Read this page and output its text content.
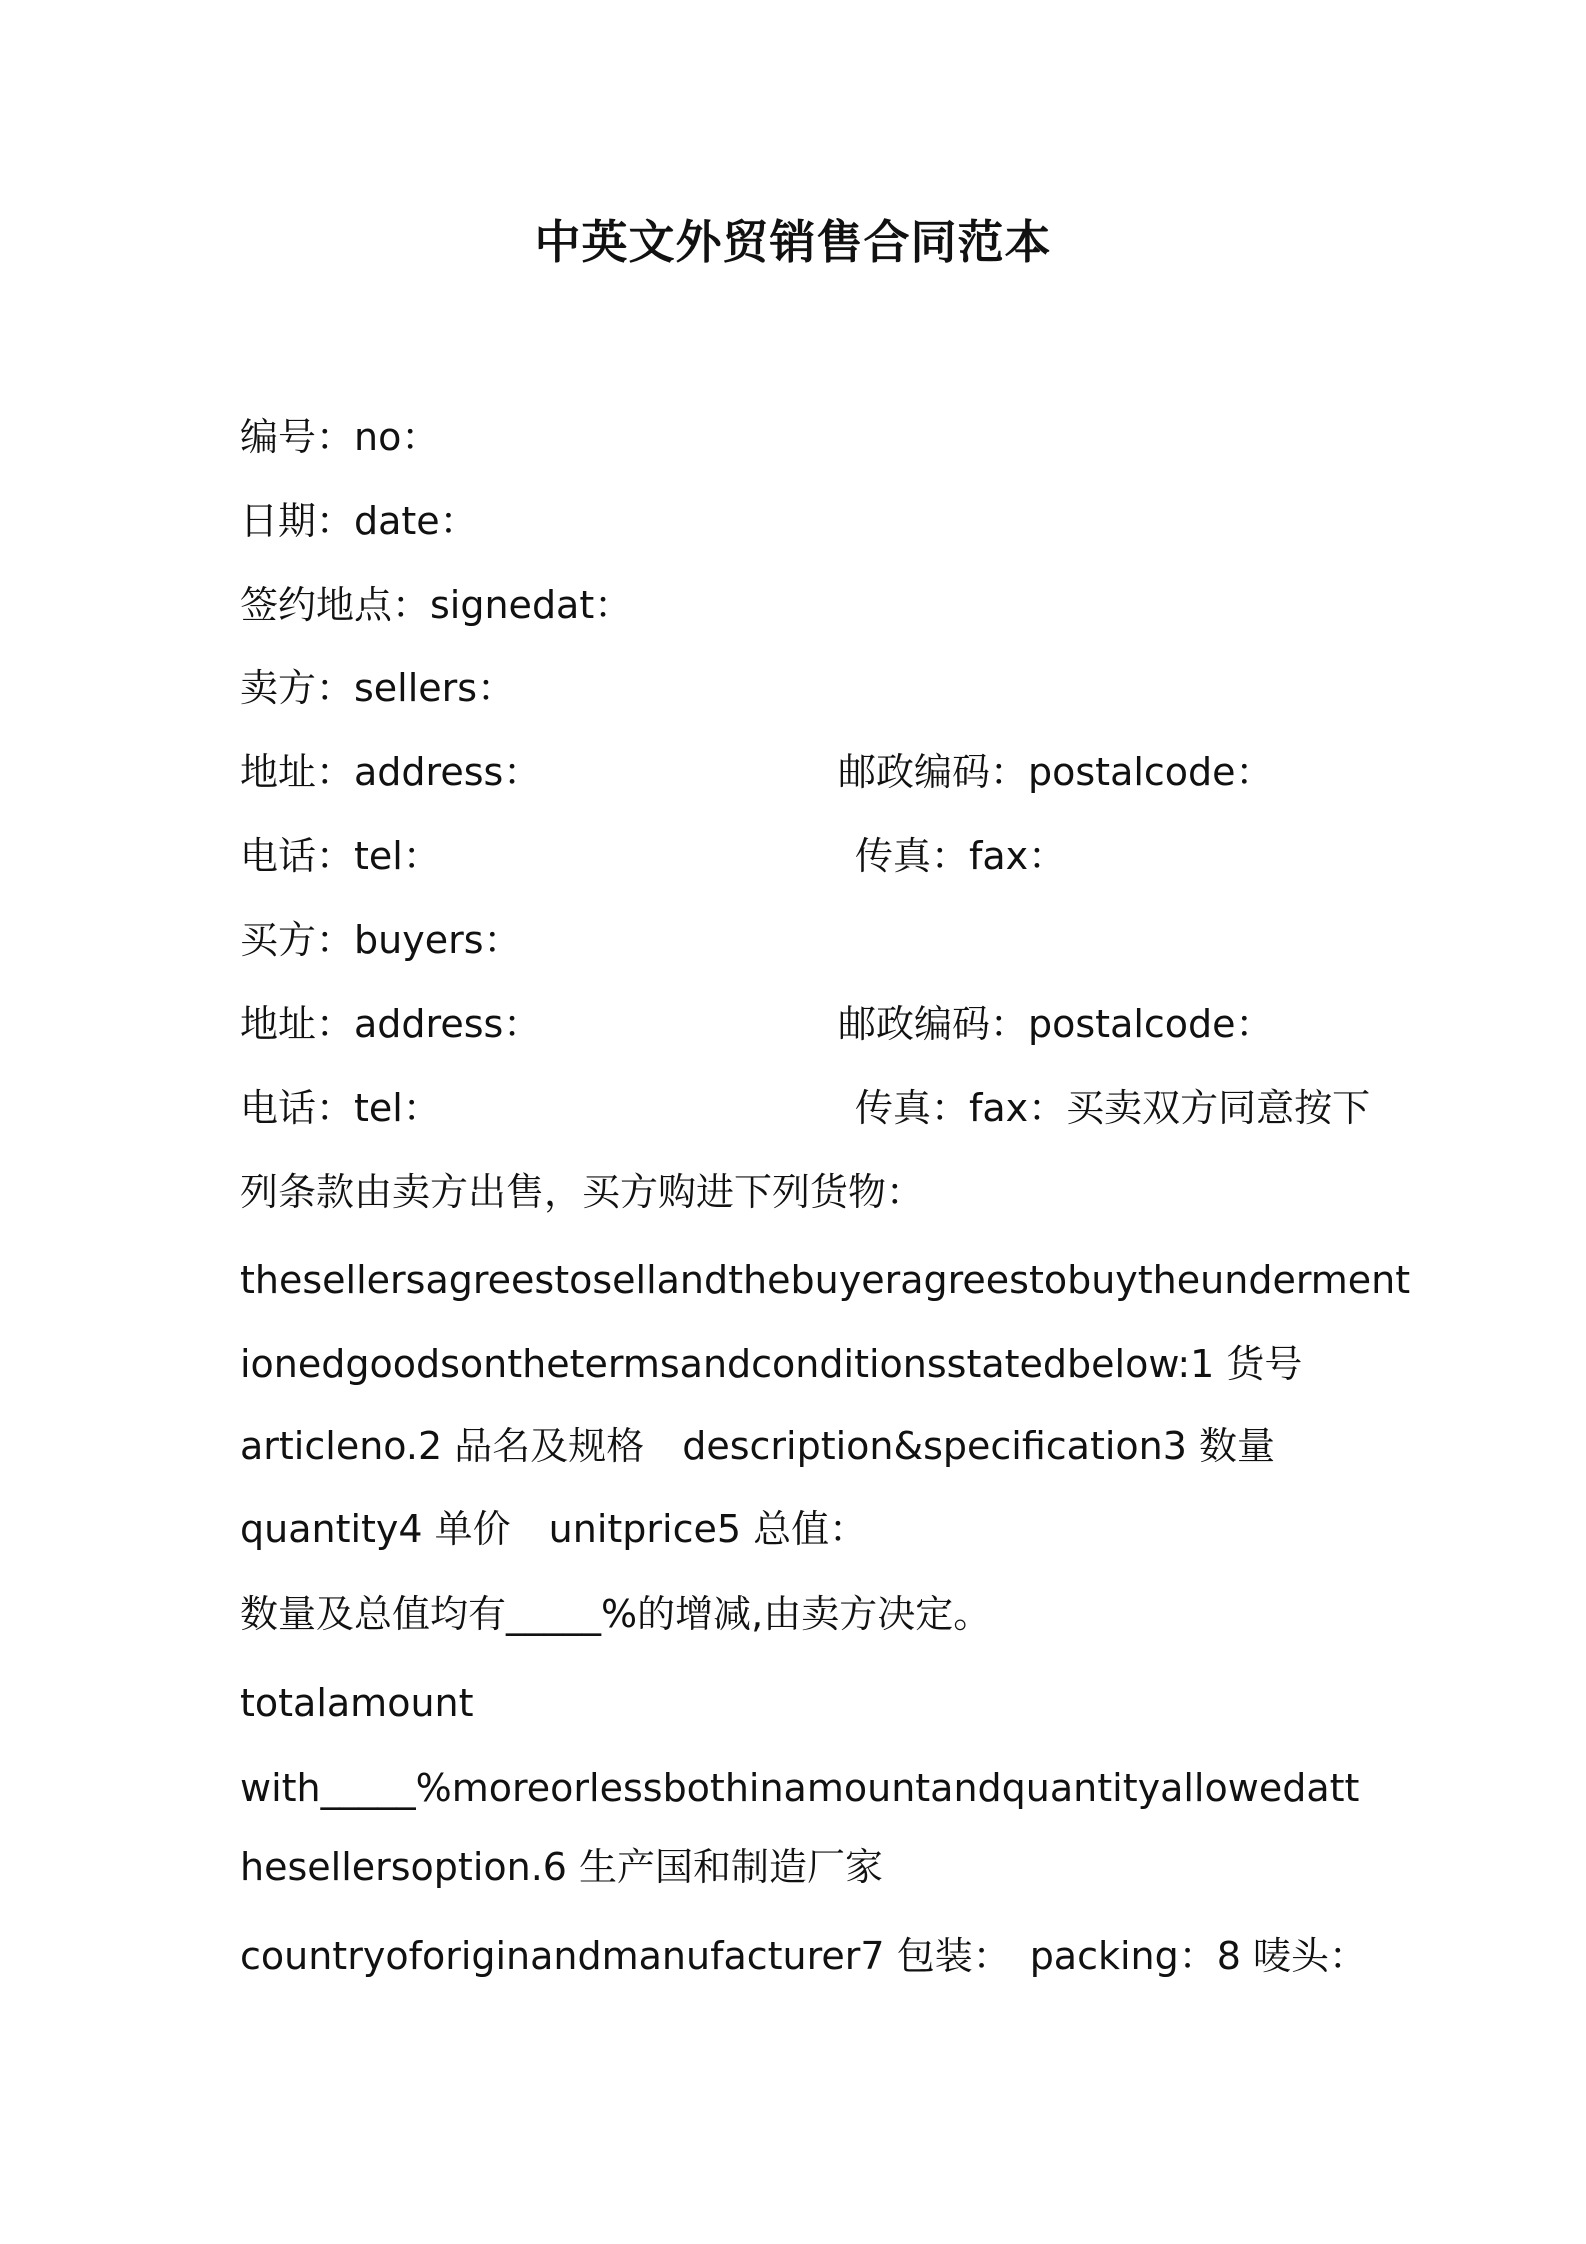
中英文外贸销售合同范本
编号：no：
日期：date：
签约地点：signedat：
卖方：sellers：
地址：address：	邮政编码：postalcode：
电话：tel：	传真：fax：
买方：buyers：
地址：address：	邮政编码：postalcode：
电话：tel：	传真：fax：买卖双方同意按下
列条款由卖方出售，买方购进下列货物：
thesellersagreestosellandthebuyeragreestobuytheunderment
ionedgoodsonthetermsandconditionsstatedbelow:1 货号
articleno.2 品名及规格　description&specification3 数量
quantity4 单价　unitprice5 总值：
数量及总值均有_____%的增减,由卖方决定。
totalamount
with_____%moreorlessbothinamountandquantityallowedatt
hesellersoption.6 生产国和制造厂家
countryoforiginandmanufacturer7 包装：　packing：8 唛头：
